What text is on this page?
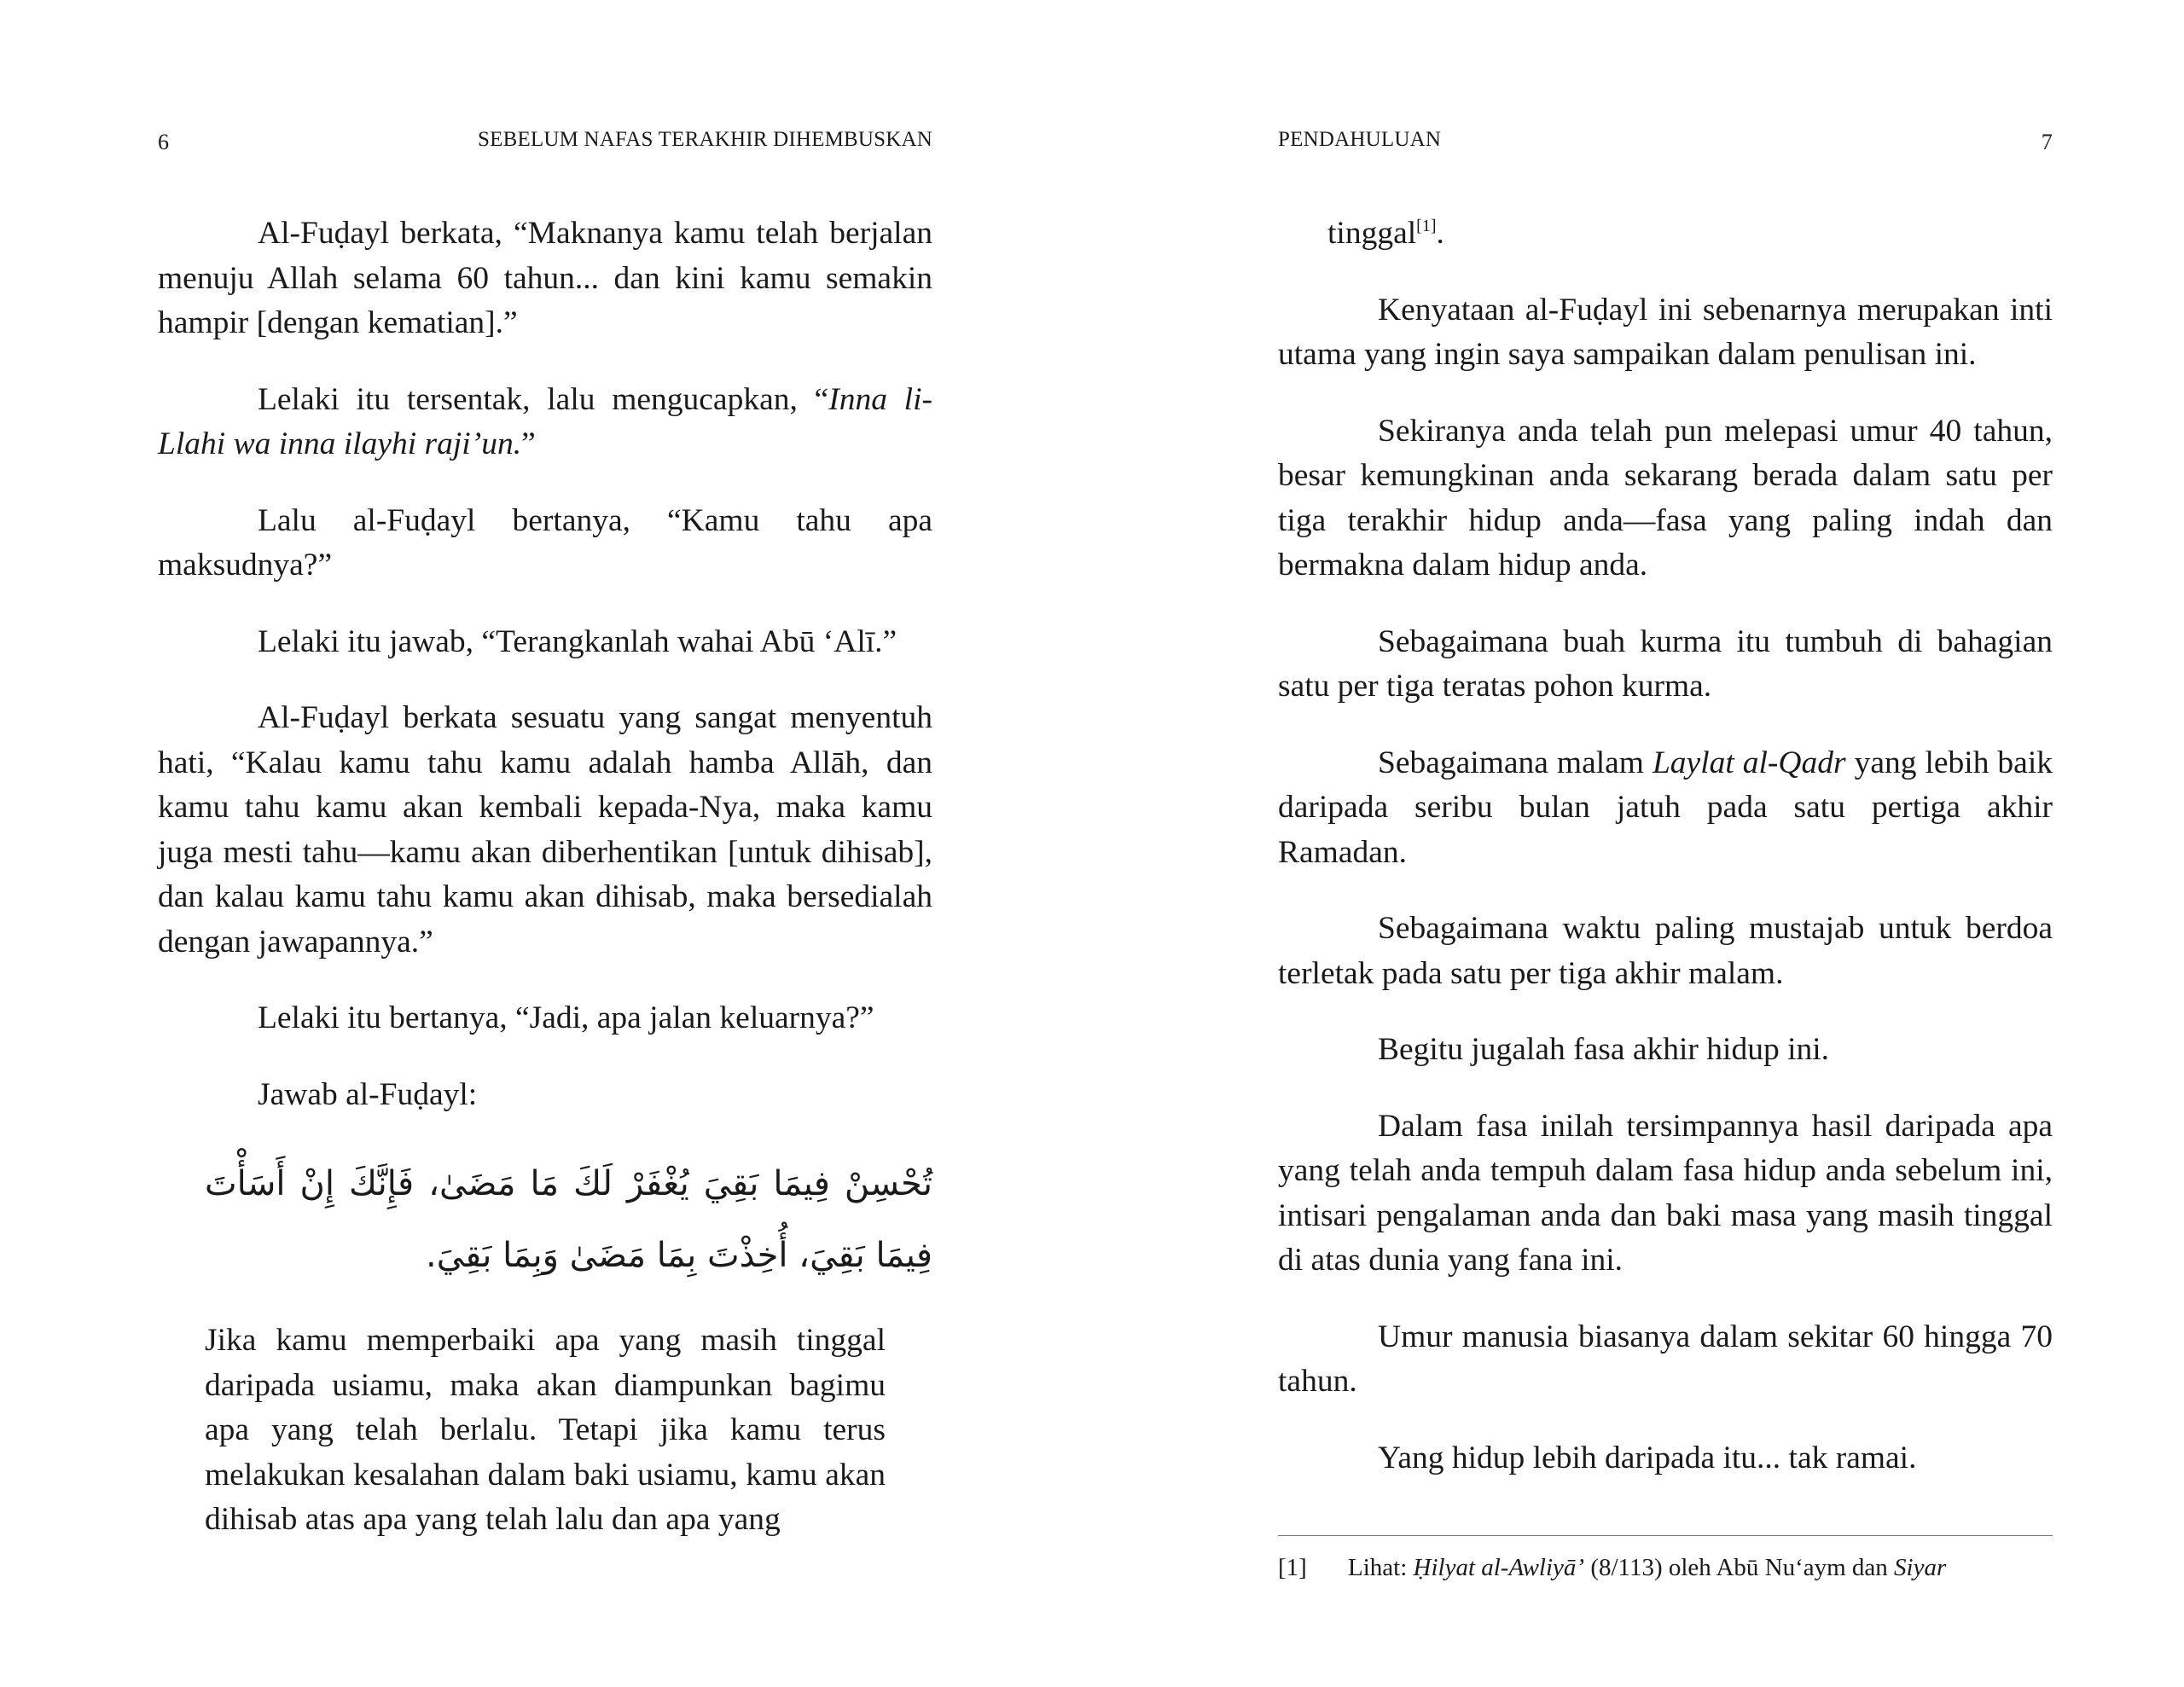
6	SEBELUM NAFAS TERAKHIR DIHEMBUSKAN

Al-Fuḍayl berkata, “Maknanya kamu telah berjalan menuju Allah selama 60 tahun... dan kini kamu semakin hampir [dengan kematian].”

Lelaki itu tersentak, lalu mengucapkan, “Inna li-Llahi wa inna ilayhi raji’un.”

Lalu al-Fuḍayl bertanya, “Kamu tahu apa maksudnya?”

Lelaki itu jawab, “Terangkanlah wahai Abū ‘Alī.”

Al-Fuḍayl berkata sesuatu yang sangat menyentuh hati, “Kalau kamu tahu kamu adalah hamba Allāh, dan kamu tahu kamu akan kembali kepada-Nya, maka kamu juga mesti tahu—kamu akan diberhentikan [untuk dihisab], dan kalau kamu tahu kamu akan dihisab, maka bersedialah dengan jawapannya.”

Lelaki itu bertanya, “Jadi, apa jalan keluarnya?”

Jawab al-Fuḍayl:

تُحْسِنْ فِيمَا بَقِيَ يُغْفَرْ لَكَ مَا مَضَىٰ، فَإِنَّكَ إِنْ أَسَأْتَ فِيمَا بَقِيَ، أُخِذْتَ بِمَا مَضَىٰ وَبِمَا بَقِيَ.

Jika kamu memperbaiki apa yang masih tinggal daripada usiamu, maka akan diampunkan bagimu apa yang telah berlalu. Tetapi jika kamu terus melakukan kesalahan dalam baki usiamu, kamu akan dihisab atas apa yang telah lalu dan apa yang

PENDAHULUAN	7

tinggal[1].

Kenyataan al-Fuḍayl ini sebenarnya merupakan inti utama yang ingin saya sampaikan dalam penulisan ini.

Sekiranya anda telah pun melepasi umur 40 tahun, besar kemungkinan anda sekarang berada dalam satu per tiga terakhir hidup anda—fasa yang paling indah dan bermakna dalam hidup anda.

Sebagaimana buah kurma itu tumbuh di bahagian satu per tiga teratas pohon kurma.

Sebagaimana malam Laylat al-Qadr yang lebih baik daripada seribu bulan jatuh pada satu pertiga akhir Ramadan.

Sebagaimana waktu paling mustajab untuk berdoa terletak pada satu per tiga akhir malam.

Begitu jugalah fasa akhir hidup ini.

Dalam fasa inilah tersimpannya hasil daripada apa yang telah anda tempuh dalam fasa hidup anda sebelum ini, intisari pengalaman anda dan baki masa yang masih tinggal di atas dunia yang fana ini.

Umur manusia biasanya dalam sekitar 60 hingga 70 tahun.

Yang hidup lebih daripada itu... tak ramai.

[1] Lihat: Ḥilyat al-Awliyā’ (8/113) oleh Abū Nu‘aym dan Siyar
